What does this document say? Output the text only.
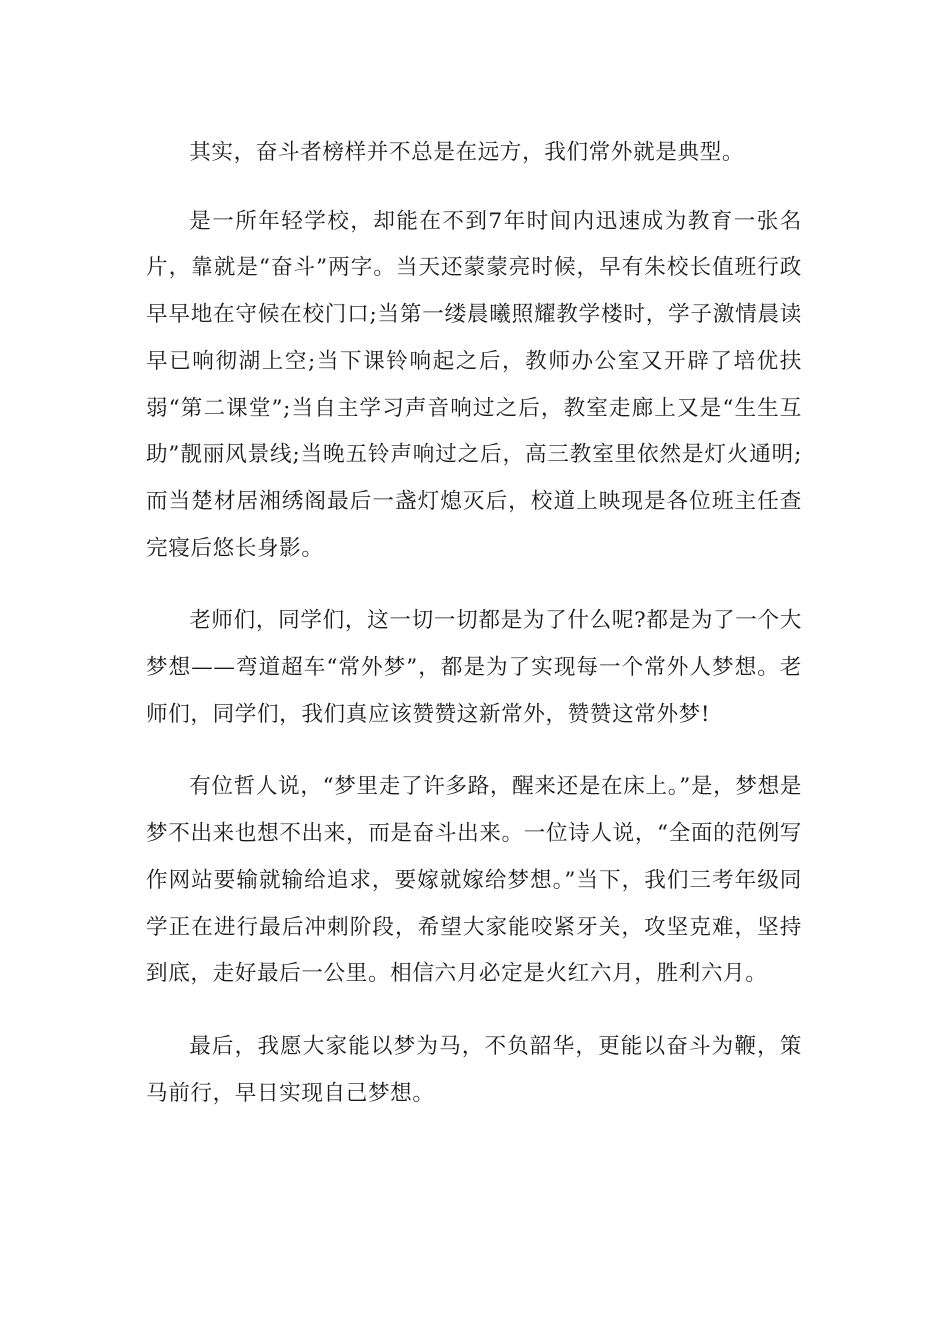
其实，奋斗者榜样并不总是在远方，我们常外就是典型。

是一所年轻学校，却能在不到7年时间内迅速成为教育一张名片，靠就是“奋斗”两字。当天还蒙蒙亮时候，早有朱校长值班行政早早地在守候在校门口;当第一缕晨曦照耀教学楼时，学子激情晨读早已响彻湖上空;当下课铃响起之后，教师办公室又开辟了培优扶弱“第二课堂”;当自主学习声音响过之后，教室走廊上又是“生生互助”靓丽风景线;当晚五铃声响过之后，高三教室里依然是灯火通明;而当楚材居湘绣阁最后一盏灯熄灭后，校道上映现是各位班主任查完寝后悠长身影。

老师们，同学们，这一切一切都是为了什么呢?都是为了一个大梦想——弯道超车“常外梦”，都是为了实现每一个常外人梦想。老师们，同学们，我们真应该赞赞这新常外，赞赞这常外梦!

有位哲人说，“梦里走了许多路，醒来还是在床上。”是，梦想是梦不出来也想不出来，而是奋斗出来。一位诗人说，“全面的范例写作网站要输就输给追求，要嫁就嫁给梦想。”当下，我们三考年级同学正在进行最后冲刺阶段，希望大家能咬紧牙关，攻坚克难，坚持到底，走好最后一公里。相信六月必定是火红六月，胜利六月。

最后，我愿大家能以梦为马，不负韶华，更能以奋斗为鞭，策马前行，早日实现自己梦想。
